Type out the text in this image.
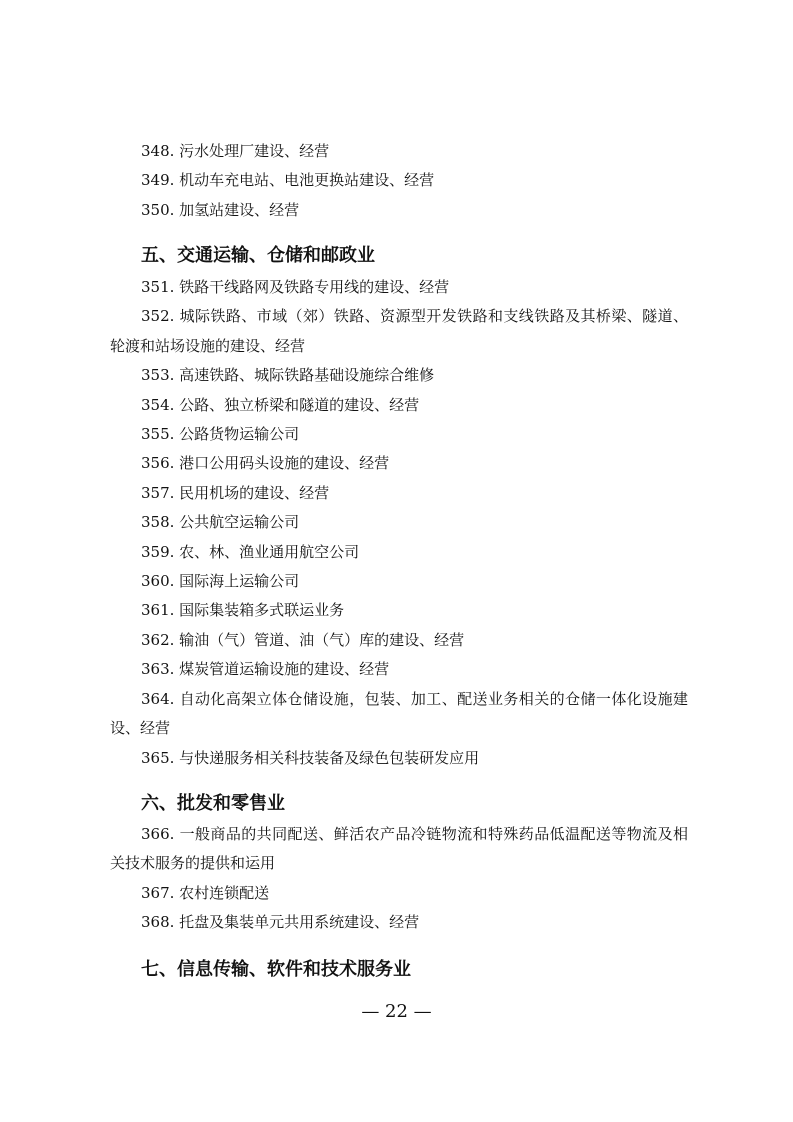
348. 污水处理厂建设、经营

349. 机动车充电站、电池更换站建设、经营

350. 加氢站建设、经营

五、交通运输、仓储和邮政业

351. 铁路干线路网及铁路专用线的建设、经营

352. 城际铁路、市域（郊）铁路、资源型开发铁路和支线铁路及其桥梁、隧道、轮渡和站场设施的建设、经营

353. 高速铁路、城际铁路基础设施综合维修

354. 公路、独立桥梁和隧道的建设、经营

355. 公路货物运输公司

356. 港口公用码头设施的建设、经营

357. 民用机场的建设、经营

358. 公共航空运输公司

359. 农、林、渔业通用航空公司

360. 国际海上运输公司

361. 国际集装箱多式联运业务

362. 输油（气）管道、油（气）库的建设、经营

363. 煤炭管道运输设施的建设、经营

364. 自动化高架立体仓储设施，包装、加工、配送业务相关的仓储一体化设施建设、经营

365. 与快递服务相关科技装备及绿色包装研发应用

六、批发和零售业

366. 一般商品的共同配送、鲜活农产品冷链物流和特殊药品低温配送等物流及相关技术服务的提供和运用

367. 农村连锁配送

368. 托盘及集装单元共用系统建设、经营

七、信息传输、软件和技术服务业
— 22 —
